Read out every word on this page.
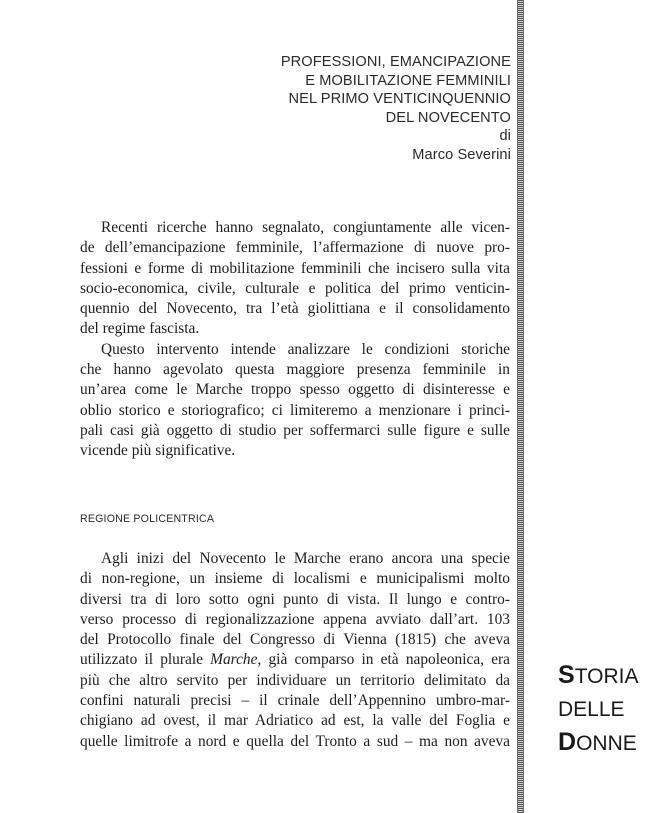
PROFESSIONI, EMANCIPAZIONE
E MOBILITAZIONE FEMMINILI
NEL PRIMO VENTICINQUENNIO
DEL NOVECENTO
di
Marco Severini
Recenti ricerche hanno segnalato, congiuntamente alle vicen-
de dell’emancipazione femminile, l’affermazione di nuove pro-
fessioni e forme di mobilitazione femminili che incisero sulla vita
socio-economica, civile, culturale e politica del primo venticin-
quennio del Novecento, tra l’età giolittiana e il consolidamento
del regime fascista.
Questo intervento intende analizzare le condizioni storiche
che hanno agevolato questa maggiore presenza femminile in
un’area come le Marche troppo spesso oggetto di disinteresse e
oblio storico e storiografico; ci limiteremo a menzionare i princi-
pali casi già oggetto di studio per soffermarci sulle figure e sulle
vicende più significative.
REGIONE POLICENTRICA
Agli inizi del Novecento le Marche erano ancora una specie
di non-regione, un insieme di localismi e municipalismi molto
diversi tra di loro sotto ogni punto di vista. Il lungo e contro-
verso processo di regionalizzazione appena avviato dall’art. 103
del Protocollo finale del Congresso di Vienna (1815) che aveva
utilizzato il plurale Marche, già comparso in età napoleonica, era
più che altro servito per individuare un territorio delimitato da
confini naturali precisi – il crinale dell’Appennino umbro-mar-
chigiano ad ovest, il mar Adriatico ad est, la valle del Foglia e
quelle limitrofe a nord e quella del Tronto a sud – ma non aveva
STORIA
DELLE
DONNE
